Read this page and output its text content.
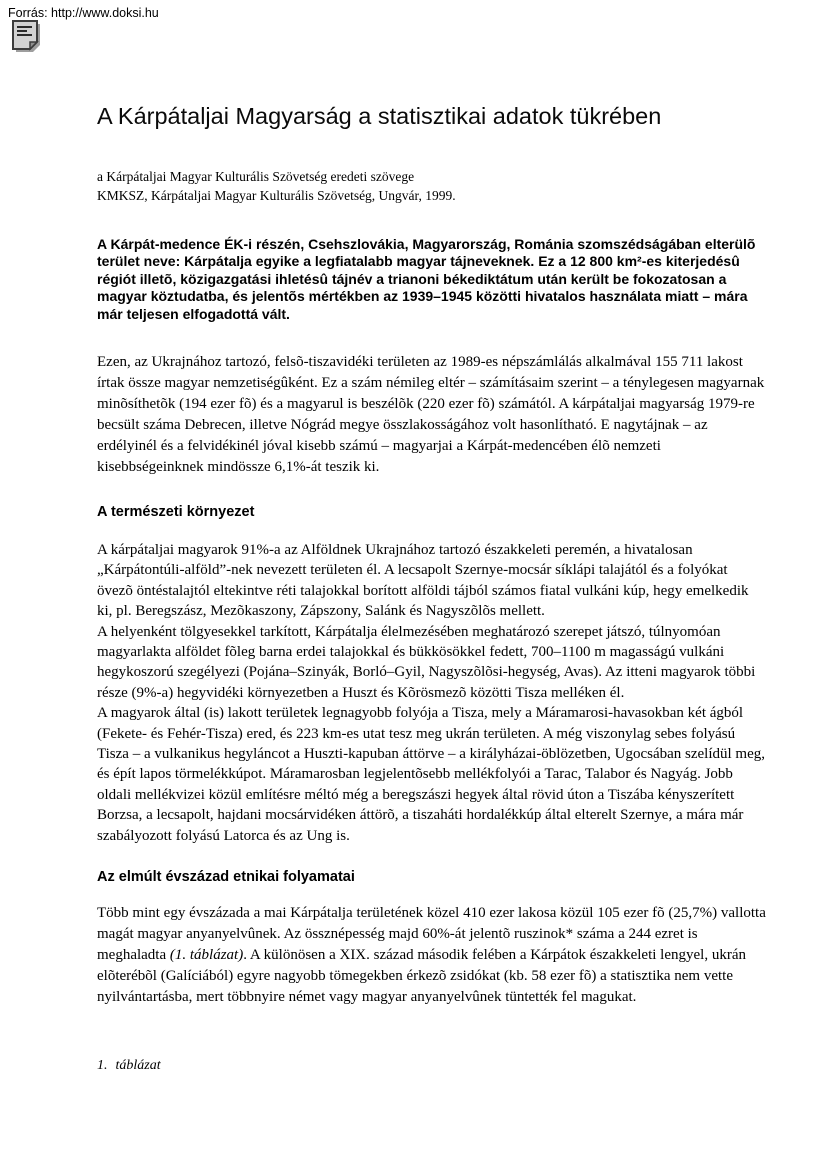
Forrás: http://www.doksi.hu
A Kárpátaljai Magyarság a statisztikai adatok tükrében
a Kárpátaljai Magyar Kulturális Szövetség eredeti szövege
KMKSZ, Kárpátaljai Magyar Kulturális Szövetség, Ungvár, 1999.

A Kárpát-medence ÉK-i részén, Csehszlovákia, Magyarország, Románia szomszédságában elterülõ terület neve: Kárpátalja egyike a legfiatalabb magyar tájneveknek. Ez a 12 800 km²-es kiterjedésû régiót illetõ, közigazgatási ihletésû tájnév a trianoni békediktátum után került be fokozatosan a magyar köztudatba, és jelentõs mértékben az 1939–1945 közötti hivatalos használata miatt – mára már teljesen elfogadottá vált.

Ezen, az Ukrajnához tartozó, felsõ-tiszavidéki területen az 1989-es népszámlálás alkalmával 155 711 lakost írtak össze magyar nemzetiségûként. Ez a szám némileg eltér – számításaim szerint – a ténylegesen magyarnak minõsíthetõk (194 ezer fõ) és a magyarul is beszélõk (220 ezer fõ) számától. A kárpátaljai magyarság 1979-re becsült száma Debrecen, illetve Nógrád megye összlakosságához volt hasonlítható. E nagytájnak – az erdélyinél és a felvidékinél jóval kisebb számú – magyarjai a Kárpát-medencében élõ nemzeti kisebbségeinknek mindössze 6,1%-át teszik ki.

A természeti környezet

A kárpátaljai magyarok 91%-a az Alföldnek Ukrajnához tartozó északkeleti peremén, a hivatalosan „Kárpátontúli-alföld”-nek nevezett területen él. A lecsapolt Szernye-mocsár síklápi talajától és a folyókat övezõ öntéstalajtól eltekintve réti talajokkal borított alföldi tájból számos fiatal vulkáni kúp, hegy emelkedik ki, pl. Beregszász, Mezõkaszony, Zápszony, Salánk és Nagyszõlõs mellett.

A helyenként tölgyesekkel tarkított, Kárpátalja élelmezésében meghatározó szerepet játszó, túlnyomóan magyarlakta alföldet fõleg barna erdei talajokkal és bükkösökkel fedett, 700–1100 m magasságú vulkáni hegykoszorú szegélyezi (Pojána–Szinyák, Borló–Gyil, Nagyszõlõsi-hegység, Avas). Az itteni magyarok többi része (9%-a) hegyvidéki környezetben a Huszt és Kõrösmezõ közötti Tisza melléken él.

A magyarok által (is) lakott területek legnagyobb folyója a Tisza, mely a Máramarosi-havasokban két ágból (Fekete- és Fehér-Tisza) ered, és 223 km-es utat tesz meg ukrán területen. A még viszonylag sebes folyású Tisza – a vulkanikus hegyláncot a Huszti-kapuban áttörve – a királyházai-öblözetben, Ugocsában szelídül meg, és épít lapos törmelékkúpot. Máramarosban legjelentõsebb mellékfolyói a Tarac, Talabor és Nagyág. Jobb oldali mellékvizei közül említésre méltó még a beregszászi hegyek által rövid úton a Tiszába kényszerített Borzsa, a lecsapolt, hajdani mocsárvidéken áttörõ, a tiszaháti hordalékkúp által elterelt Szernye, a mára már szabályozott folyású Latorca és az Ung is.

Az elmúlt évszázad etnikai folyamatai

Több mint egy évszázada a mai Kárpátalja területének közel 410 ezer lakosa közül 105 ezer fõ (25,7%) vallotta magát magyar anyanyelvûnek. Az össznépesség majd 60%-át jelentõ ruszinok* száma a 244 ezret is meghaladta (1. táblázat). A különösen a XIX. század második felében a Kárpátok északkeleti lengyel, ukrán elõterébõl (Galíciából) egyre nagyobb tömegekben érkezõ zsidókat (kb. 58 ezer fõ) a statisztika nem vette nyilvántartásba, mert többnyire német vagy magyar anyanyelvûnek tüntették fel magukat.

1. táblázat
